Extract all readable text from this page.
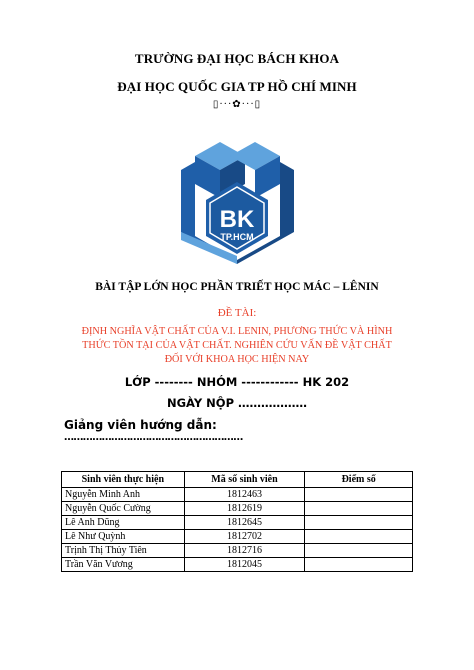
TRƯỜNG ĐẠI HỌC BÁCH KHOA
ĐẠI HỌC QUỐC GIA TP HỒ CHÍ MINH
▯···✿···▯
BK
TP.HCM
BÀI TẬP LỚN HỌC PHẦN TRIẾT HỌC MÁC – LÊNIN
ĐỀ TÀI:
ĐỊNH NGHĨA VẬT CHẤT CỦA V.I. LENIN, PHƯƠNG THỨC VÀ HÌNH
THỨC TỒN TẠI CỦA VẬT CHẤT. NGHIÊN CỨU VẤN ĐỀ VẬT CHẤT
ĐỐI VỚI KHOA HỌC HIỆN NAY
LỚP -------- NHÓM ------------ HK 202
NGÀY NỘP ………………
Giảng viên hướng dẫn:
…………………………………………………
Sinh viên thực hiện	Mã số sinh viên	Điểm số
Nguyễn Minh Anh	1812463	
Nguyễn Quốc Cường	1812619	
Lê Anh Dũng	1812645	
Lê Như Quỳnh	1812702	
Trịnh Thị Thủy Tiên	1812716	
Trần Văn Vương	1812045	
